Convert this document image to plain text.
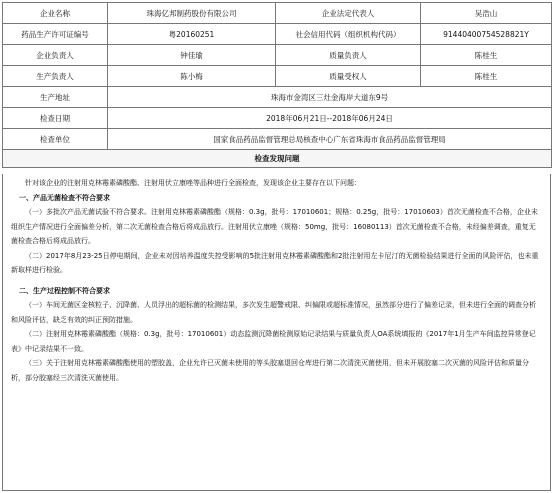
企业名称	珠海亿邦制药股份有限公司	企业法定代表人	吴浩山
药品生产许可证编号	粤20160251	社会信用代码（组织机构代码）	91440400754528821Y
企业负责人	钟佳瑜	质量负责人	陈桂生
生产负责人	陈小梅	质量受权人	陈桂生
生产地址	珠海市金湾区三灶金海岸大道东9号		
检查日期	2018年06月21日--2018年06月24日		
检查单位	国家食品药品监督管理总局核查中心广东省珠海市食品药品监督管理局		
检查发现问题			

针对该企业的注射用克林霉素磷酸酯、注射用伏立康唑等品种进行全面检查，发现该企业主要存在以下问题：

一、产品无菌检查不符合要求

（一）多批次产品无菌试验不符合要求。注射用克林霉素磷酸酯（规格：0.3g，批号：17010601；规格：0.25g，批号：17010603）首次无菌检查不合格，企业未组织生产情况进行全面偏差分析，第二次无菌检查合格后将成品放行。注射用伏立康唑（规格：50mg，批号：16080113）首次无菌检查不合格，未经偏差调查，重复无菌检查合格后将成品放行。

（二）2017年8月23-25日停电期间，企业未对因培养温度失控受影响的5批注射用克林霉素磷酸酯和2批注射用左卡尼汀的无菌检验结果进行全面的风险评估，也未重新取样进行检验。

二、生产过程控制不符合要求

（一）车间无菌区金核粒子、沉降菌、人员浮出的超标菌的检测结果，多次发生超警戒限、纠偏限或超标准情况，虽然部分进行了偏差记录，但未进行全面的调查分析和风险评估，缺乏有效的纠正预防措施。

（二）注射用克林霉素磷酸酯（规格：0.3g，批号：17010601）动态监测沉降菌检测原始记录结果与质量负责人OA系统填报的《2017年1月生产车间监控异常登记表》中记录结果不一致。

（三）关于注射用克林霉素磷酸酯使用的塑胶盖，企业允许已灭菌未使用的等头胶塞退回仓库进行第二次清洗灭菌使用，但未开展胶塞二次灭菌的风险评估和质量分析，部分胶塞经三次清洗灭菌使用。
